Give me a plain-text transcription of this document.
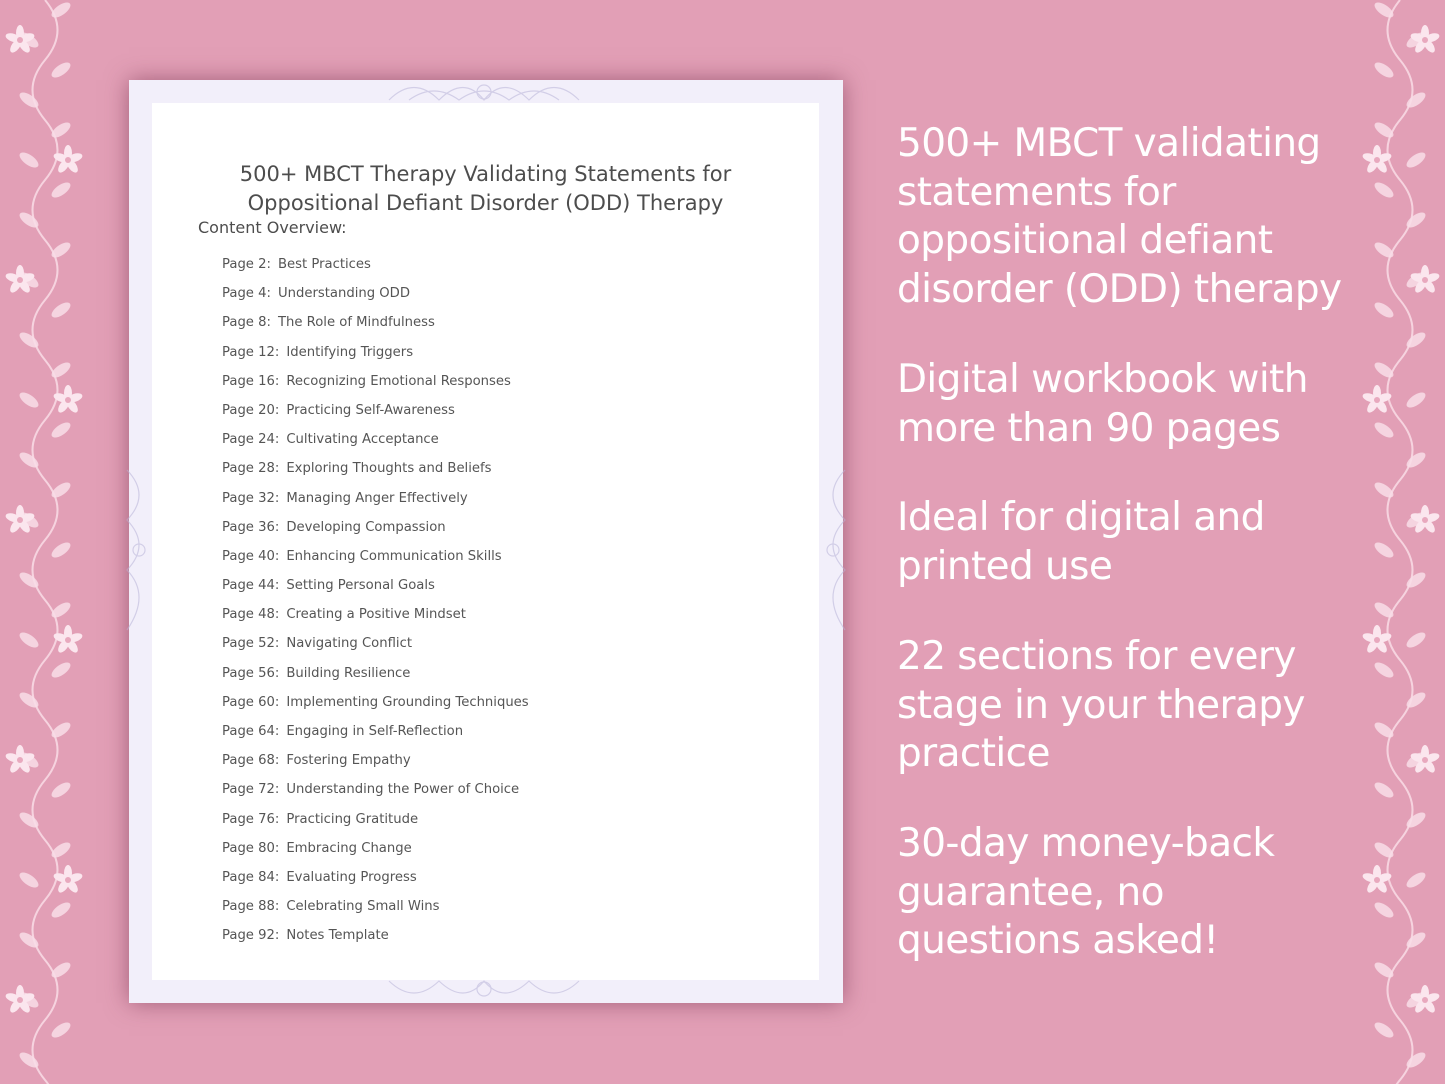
500+ MBCT Therapy Validating Statements for
Oppositional Defiant Disorder (ODD) Therapy
Content Overview:
Page 2: Best Practices
Page 4: Understanding ODD
Page 8: The Role of Mindfulness
Page 12: Identifying Triggers
Page 16: Recognizing Emotional Responses
Page 20: Practicing Self-Awareness
Page 24: Cultivating Acceptance
Page 28: Exploring Thoughts and Beliefs
Page 32: Managing Anger Effectively
Page 36: Developing Compassion
Page 40: Enhancing Communication Skills
Page 44: Setting Personal Goals
Page 48: Creating a Positive Mindset
Page 52: Navigating Conflict
Page 56: Building Resilience
Page 60: Implementing Grounding Techniques
Page 64: Engaging in Self-Reflection
Page 68: Fostering Empathy
Page 72: Understanding the Power of Choice
Page 76: Practicing Gratitude
Page 80: Embracing Change
Page 84: Evaluating Progress
Page 88: Celebrating Small Wins
Page 92: Notes Template
500+ MBCT validating
statements for
oppositional defiant
disorder (ODD) therapy
Digital workbook with
more than 90 pages
Ideal for digital and
printed use
22 sections for every
stage in your therapy
practice
30-day money-back
guarantee, no
questions asked!
